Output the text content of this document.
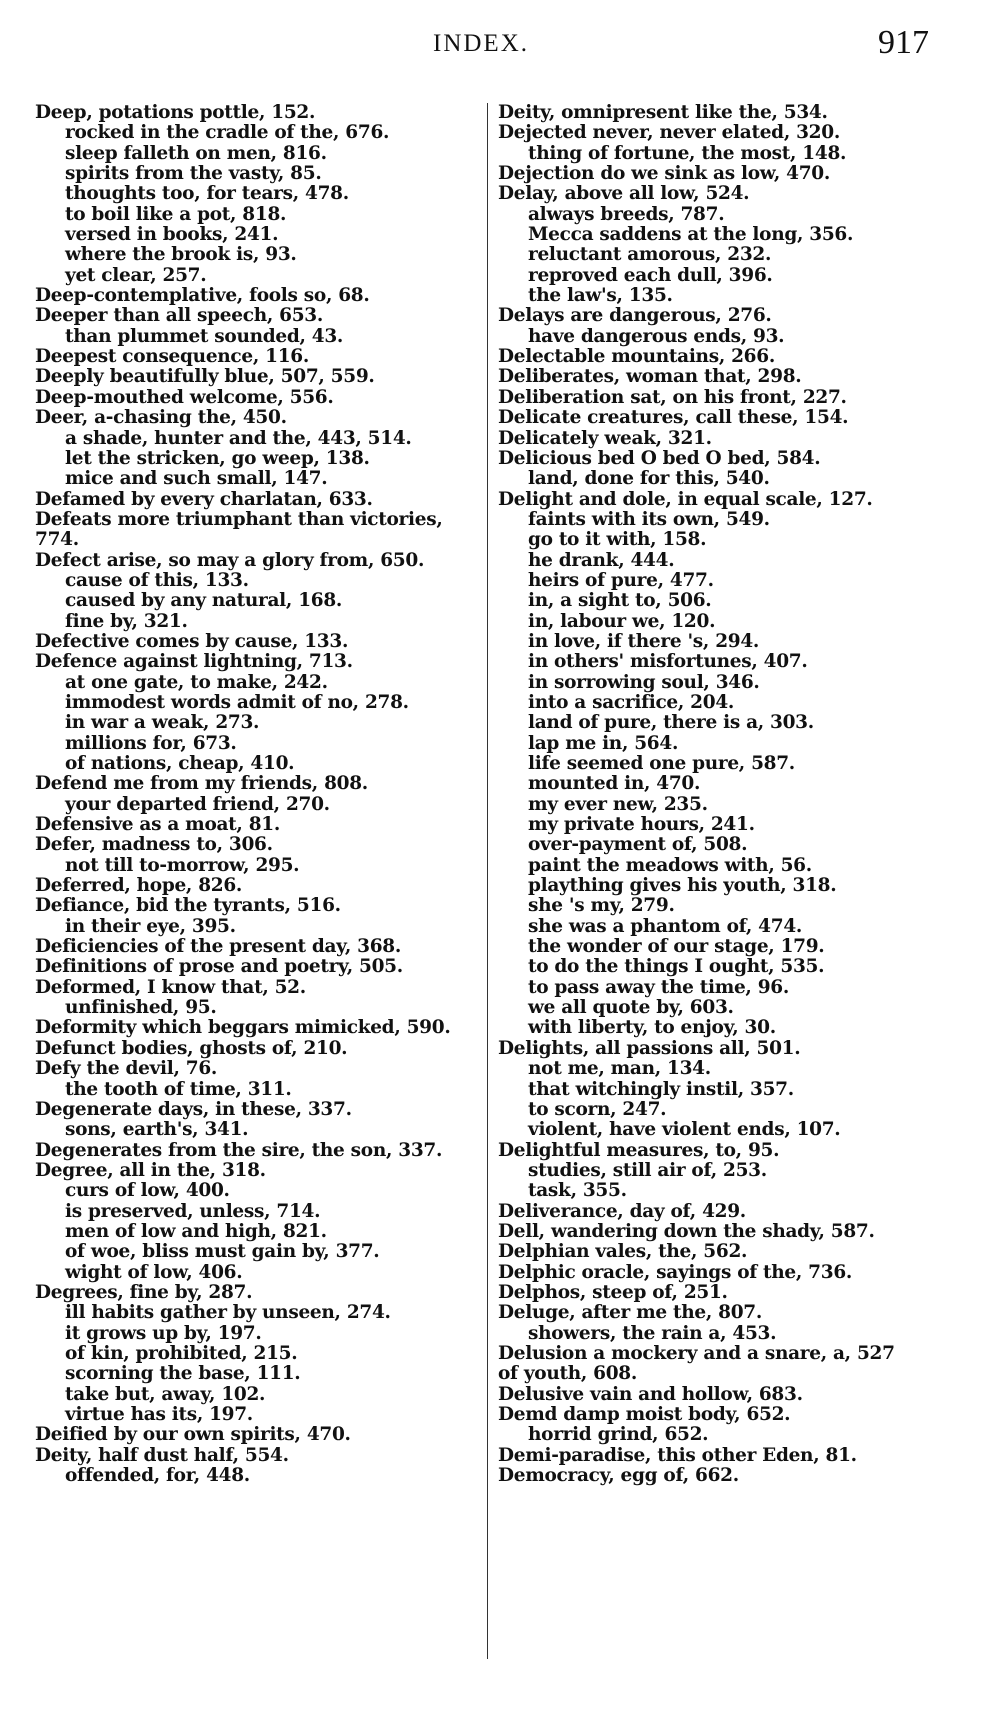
INDEX.	917
Deep, potations pottle, 152.
rocked in the cradle of the, 676.
sleep falleth on men, 816.
spirits from the vasty, 85.
thoughts too, for tears, 478.
to boil like a pot, 818.
versed in books, 241.
where the brook is, 93.
yet clear, 257.
Deep-contemplative, fools so, 68.
Deeper than all speech, 653.
than plummet sounded, 43.
Deepest consequence, 116.
Deeply beautifully blue, 507, 559.
Deep-mouthed welcome, 556.
Deer, a-chasing the, 450.
a shade, hunter and the, 443, 514.
let the stricken, go weep, 138.
mice and such small, 147.
Defamed by every charlatan, 633.
Defeats more triumphant than victories,
774.
Defect arise, so may a glory from, 650.
cause of this, 133.
caused by any natural, 168.
fine by, 321.
Defective comes by cause, 133.
Defence against lightning, 713.
at one gate, to make, 242.
immodest words admit of no, 278.
in war a weak, 273.
millions for, 673.
of nations, cheap, 410.
Defend me from my friends, 808.
your departed friend, 270.
Defensive as a moat, 81.
Defer, madness to, 306.
not till to-morrow, 295.
Deferred, hope, 826.
Defiance, bid the tyrants, 516.
in their eye, 395.
Deficiencies of the present day, 368.
Definitions of prose and poetry, 505.
Deformed, I know that, 52.
unfinished, 95.
Deformity which beggars mimicked, 590.
Defunct bodies, ghosts of, 210.
Defy the devil, 76.
the tooth of time, 311.
Degenerate days, in these, 337.
sons, earth's, 341.
Degenerates from the sire, the son, 337.
Degree, all in the, 318.
curs of low, 400.
is preserved, unless, 714.
men of low and high, 821.
of woe, bliss must gain by, 377.
wight of low, 406.
Degrees, fine by, 287.
ill habits gather by unseen, 274.
it grows up by, 197.
of kin, prohibited, 215.
scorning the base, 111.
take but, away, 102.
virtue has its, 197.
Deified by our own spirits, 470.
Deity, half dust half, 554.
offended, for, 448.
Deity, omnipresent like the, 534.
Dejected never, never elated, 320.
thing of fortune, the most, 148.
Dejection do we sink as low, 470.
Delay, above all low, 524.
always breeds, 787.
Mecca saddens at the long, 356.
reluctant amorous, 232.
reproved each dull, 396.
the law's, 135.
Delays are dangerous, 276.
have dangerous ends, 93.
Delectable mountains, 266.
Deliberates, woman that, 298.
Deliberation sat, on his front, 227.
Delicate creatures, call these, 154.
Delicately weak, 321.
Delicious bed O bed O bed, 584.
land, done for this, 540.
Delight and dole, in equal scale, 127.
faints with its own, 549.
go to it with, 158.
he drank, 444.
heirs of pure, 477.
in, a sight to, 506.
in, labour we, 120.
in love, if there 's, 294.
in others' misfortunes, 407.
in sorrowing soul, 346.
into a sacrifice, 204.
land of pure, there is a, 303.
lap me in, 564.
life seemed one pure, 587.
mounted in, 470.
my ever new, 235.
my private hours, 241.
over-payment of, 508.
paint the meadows with, 56.
plaything gives his youth, 318.
she 's my, 279.
she was a phantom of, 474.
the wonder of our stage, 179.
to do the things I ought, 535.
to pass away the time, 96.
we all quote by, 603.
with liberty, to enjoy, 30.
Delights, all passions all, 501.
not me, man, 134.
that witchingly instil, 357.
to scorn, 247.
violent, have violent ends, 107.
Delightful measures, to, 95.
studies, still air of, 253.
task, 355.
Deliverance, day of, 429.
Dell, wandering down the shady, 587.
Delphian vales, the, 562.
Delphic oracle, sayings of the, 736.
Delphos, steep of, 251.
Deluge, after me the, 807.
showers, the rain a, 453.
Delusion a mockery and a snare, a, 527
of youth, 608.
Delusive vain and hollow, 683.
Demd damp moist body, 652.
horrid grind, 652.
Demi-paradise, this other Eden, 81.
Democracy, egg of, 662.
